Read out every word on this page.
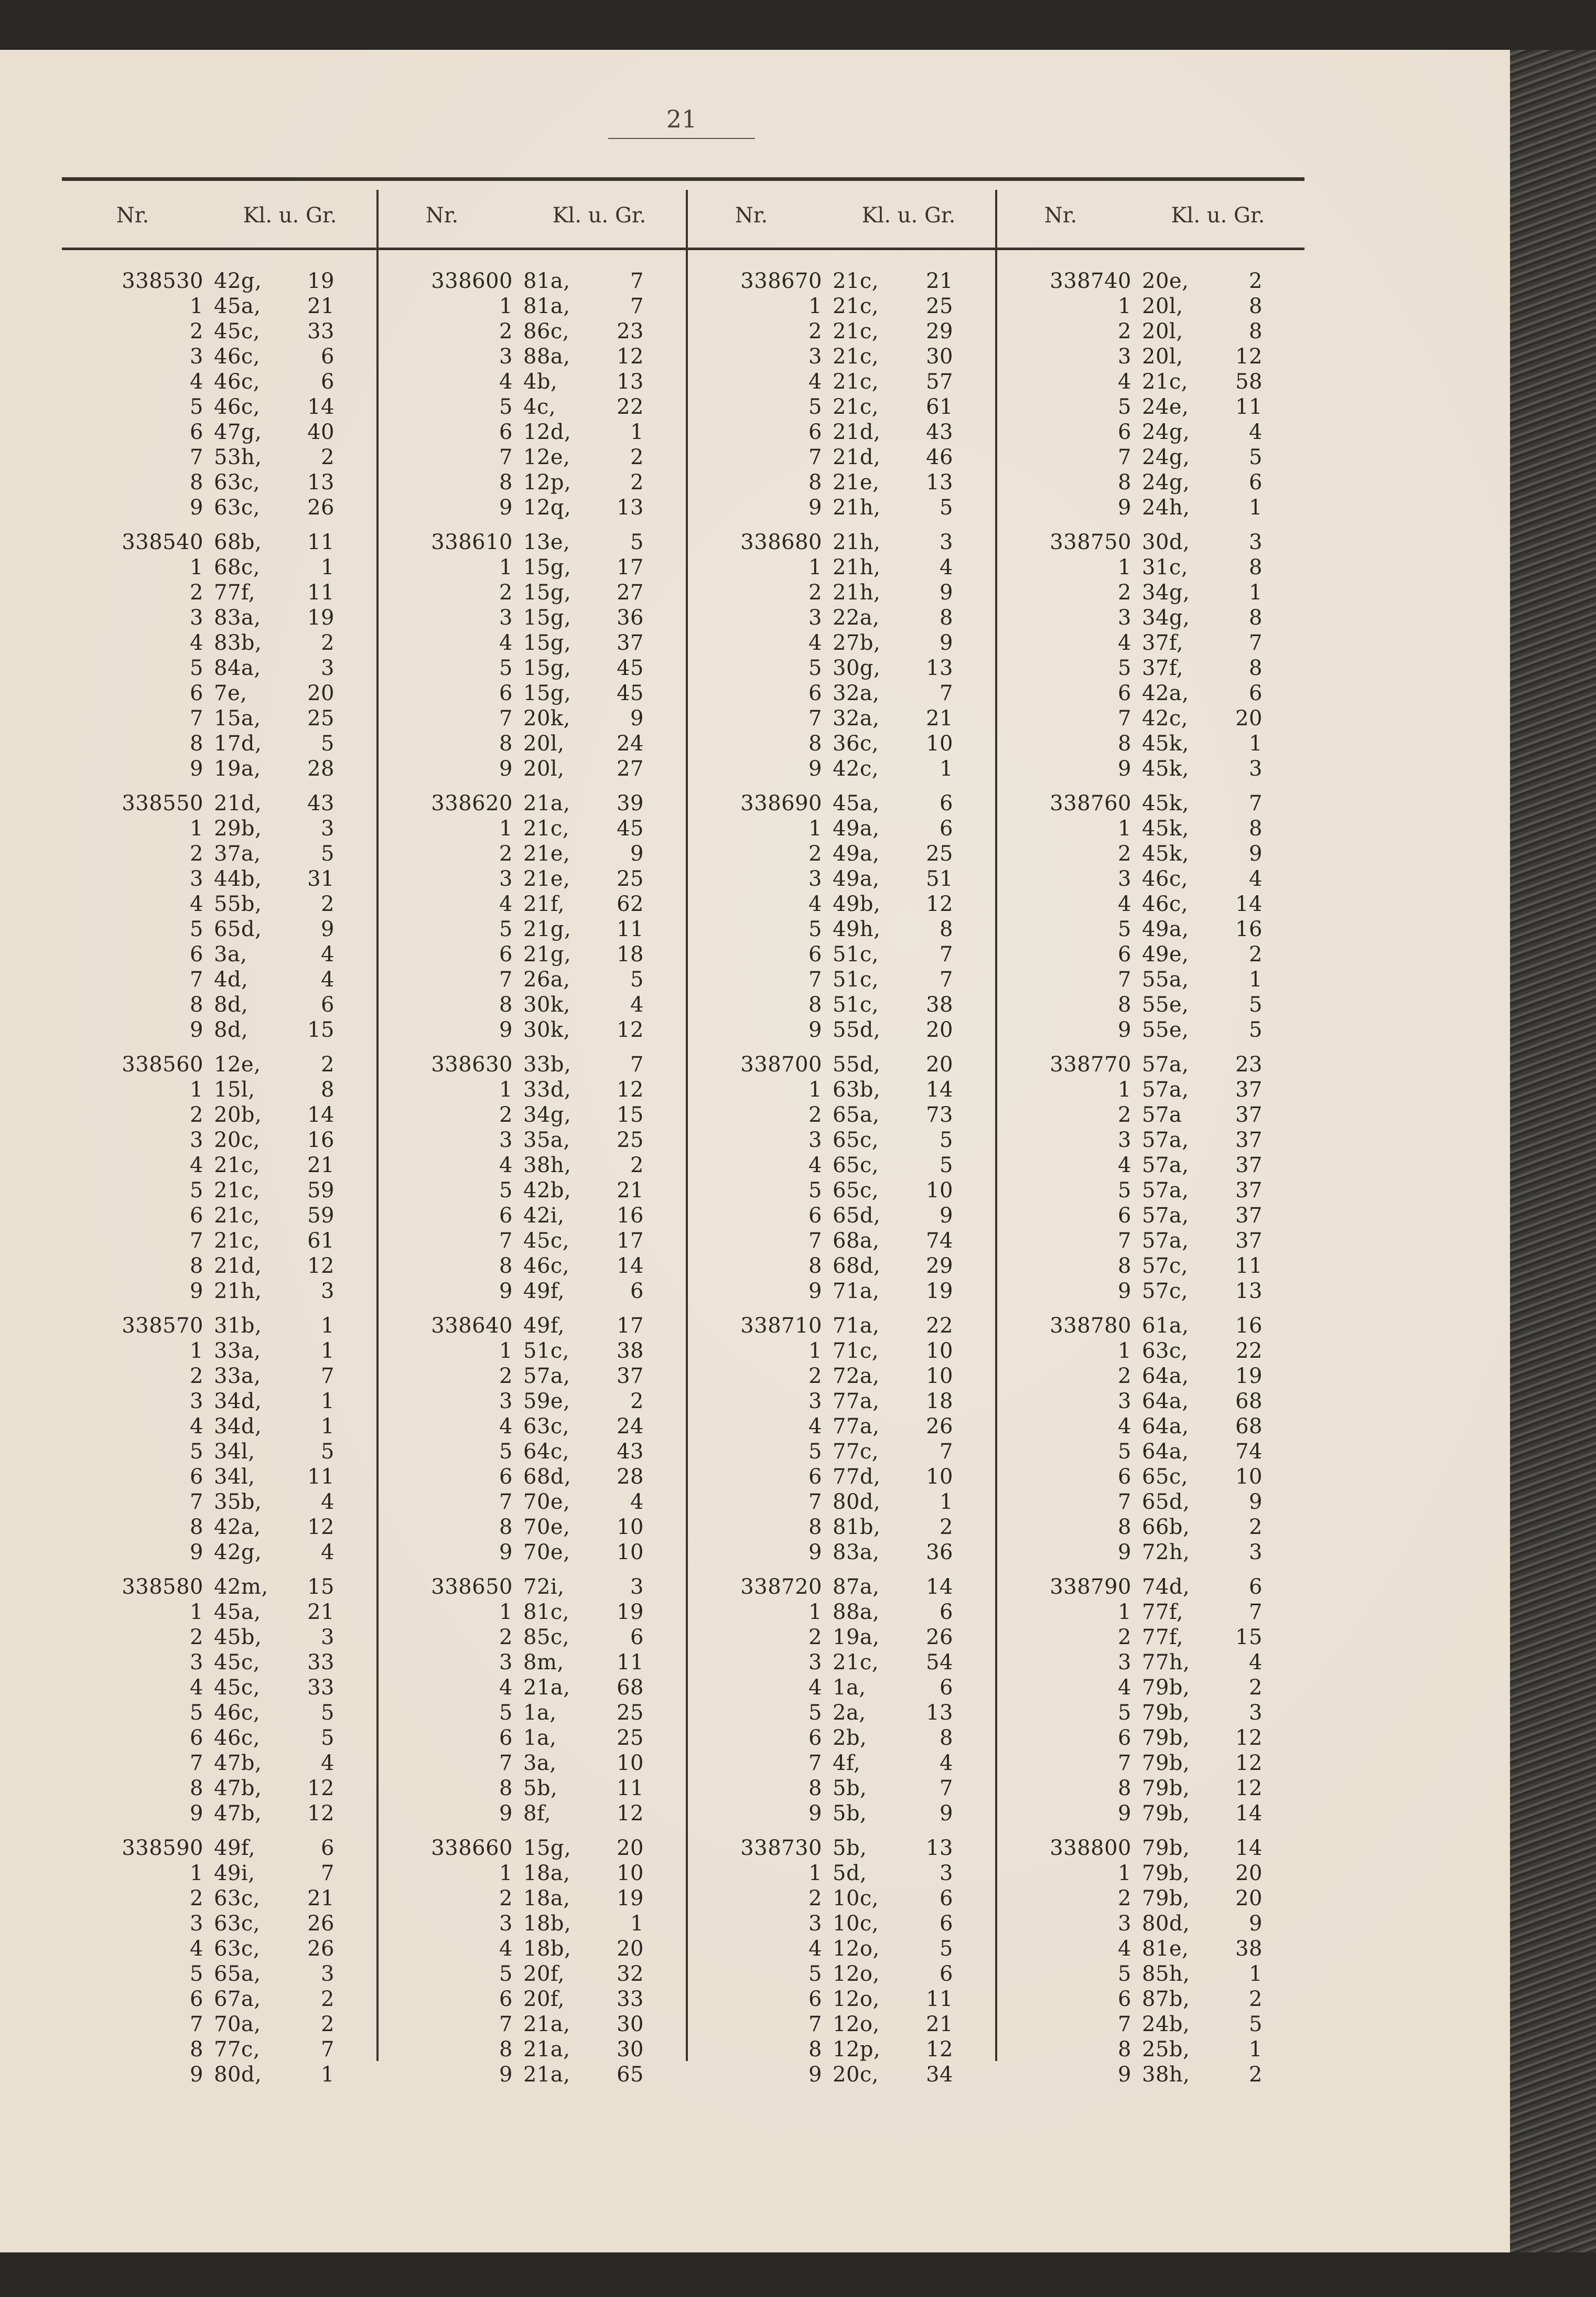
21
Nr.	Kl. u. Gr.
338530 42g, 19
1 45a, 21
2 45c, 33
3 46c,	6
4 46c,	6
5 46c, 14
6 47g, 40
7 53h,	2
8 63c, 13
9 63c, 26
338540 68b, 11
1 68c,	1
2 77f, 11
3 83a, 19
4 83b,	2
5 84a,	3
6 7e,	20
7 15a, 25
8 17d,	5
9 19a, 28
338550 21d, 43
1 29b,	3
2 37a,	5
3 44b, 31
4 55b,	2
5 65d,	9
6 3a,	4
7 4d,	4
8 8d,	6
9 8d,	15
338560 12e,	2
1 15l,	8
2 20b, 14
3 20c, 16
4 21c, 21
5 21c, 59
6 21c, 59
7 21c, 61
8 21d, 12
9 21h,	3
338570 31b,	1
1 33a,	1
2 33a,	7
3 34d,	1
4 34d,	1
5 34l,	5
6 34l, 11
7 35b,	4
8 42a, 12
9 42g,	4
338580 42m, 15
1 45a, 21
2 45b,	3
3 45c, 33
4 45c, 33
5 46c,	5
6 46c,	5
7 47b,	4
8 47b, 12
9 47b, 12
338590 49f,	6
1 49i,	7
2 63c, 21
3 63c, 26
4 63c, 26
5 65a,	3
6 67a,	2
7 70a,	2
8 77c,	7
9 80d,	1
Nr.	Kl. u. Gr.
338600 81a,	7
1 81a,	7
2 86c, 23
3 88a, 12
4 4b,	13
5 4c,	22
6 12d,	1
7 12e,	2
8 12p,	2
9 12q, 13
338610 13e,	5
1 15g, 17
2 15g, 27
3 15g, 36
4 15g, 37
5 15g, 45
6 15g, 45
7 20k,	9
8 20l, 24
9 20l, 27
338620 21a, 39
1 21c, 45
2 21e,	9
3 21e, 25
4 21f, 62
5 21g, 11
6 21g, 18
7 26a,	5
8 30k,	4
9 30k, 12
338630 33b,	7
1 33d, 12
2 34g, 15
3 35a, 25
4 38h,	2
5 42b, 21
6 42i, 16
7 45c, 17
8 46c, 14
9 49f,	6
338640 49f, 17
1 51c, 38
2 57a, 37
3 59e,	2
4 63c, 24
5 64c, 43
6 68d, 28
7 70e,	4
8 70e, 10
9 70e, 10
338650 72i,	3
1 81c, 19
2 85c,	6
3 8m,	11
4 21a, 68
5 1a,	25
6 1a,	25
7 3a,	10
8 5b,	11
9 8f,	12
338660 15g, 20
1 18a, 10
2 18a, 19
3 18b,	1
4 18b, 20
5 20f, 32
6 20f, 33
7 21a, 30
8 21a, 30
9 21a, 65
Nr.	Kl. u. Gr.
338670 21c, 21
1 21c, 25
2 21c, 29
3 21c, 30
4 21c, 57
5 21c, 61
6 21d, 43
7 21d, 46
8 21e, 13
9 21h,	5
338680 21h,	3
1 21h,	4
2 21h,	9
3 22a,	8
4 27b,	9
5 30g, 13
6 32a,	7
7 32a, 21
8 36c, 10
9 42c,	1
338690 45a,	6
1 49a,	6
2 49a, 25
3 49a, 51
4 49b, 12
5 49h,	8
6 51c,	7
7 51c,	7
8 51c, 38
9 55d, 20
338700 55d, 20
1 63b, 14
2 65a, 73
3 65c,	5
4 65c,	5
5 65c, 10
6 65d,	9
7 68a, 74
8 68d, 29
9 71a, 19
338710 71a, 22
1 71c, 10
2 72a, 10
3 77a, 18
4 77a, 26
5 77c,	7
6 77d, 10
7 80d,	1
8 81b,	2
9 83a, 36
338720 87a, 14
1 88a,	6
2 19a, 26
3 21c, 54
4 1a,	6
5 2a,	13
6 2b,	8
7 4f,	4
8 5b,	7
9 5b,	9
338730 5b,	13
1 5d,	3
2 10c,	6
3 10c,	6
4 12o,	5
5 12o,	6
6 12o, 11
7 12o, 21
8 12p, 12
9 20c, 34
Nr.	Kl. u. Gr.
338740 20e,	2
1 20l,	8
2 20l,	8
3 20l, 12
4 21c, 58
5 24e, 11
6 24g,	4
7 24g,	5
8 24g,	6
9 24h,	1
338750 30d,	3
1 31c,	8
2 34g,	1
3 34g,	8
4 37f,	7
5 37f,	8
6 42a,	6
7 42c, 20
8 45k,	1
9 45k,	3
338760 45k,	7
1 45k,	8
2 45k,	9
3 46c,	4
4 46c, 14
5 49a, 16
6 49e,	2
7 55a,	1
8 55e,	5
9 55e,	5
338770 57a, 23
1 57a, 37
2 57a	37
3 57a, 37
4 57a, 37
5 57a, 37
6 57a, 37
7 57a, 37
8 57c, 11
9 57c, 13
338780 61a, 16
1 63c, 22
2 64a, 19
3 64a, 68
4 64a, 68
5 64a, 74
6 65c, 10
7 65d,	9
8 66b,	2
9 72h,	3
338790 74d,	6
1 77f,	7
2 77f, 15
3 77h,	4
4 79b,	2
5 79b,	3
6 79b, 12
7 79b, 12
8 79b, 12
9 79b, 14
338800 79b, 14
1 79b, 20
2 79b, 20
3 80d,	9
4 81e, 38
5 85h,	1
6 87b,	2
7 24b,	5
8 25b,	1
9 38h,	2
